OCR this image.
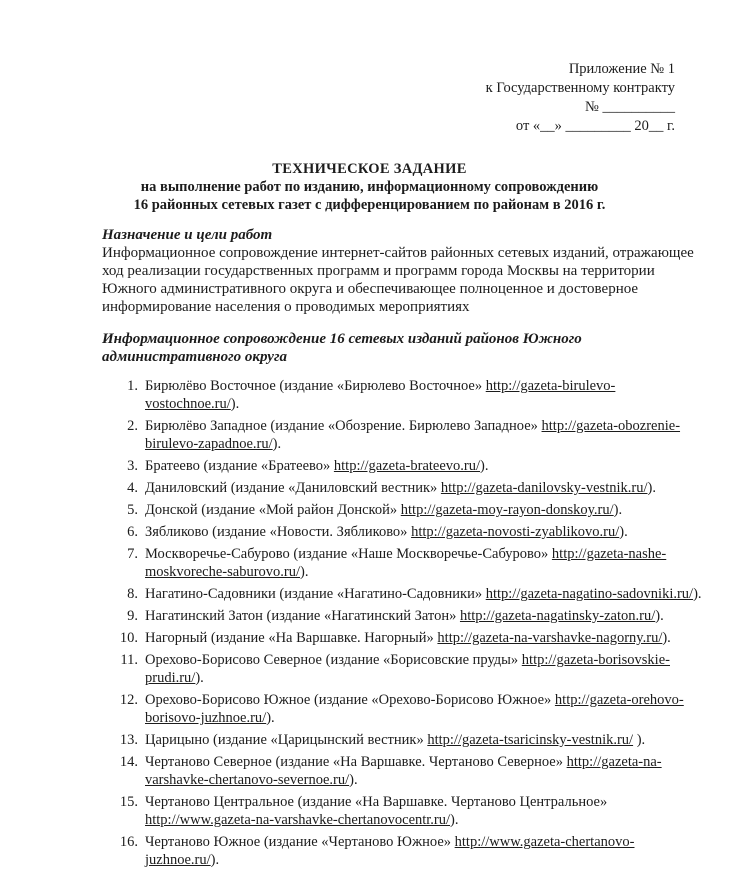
Приложение № 1
к Государственному контракту
№ __________
от «__» _________ 20__ г.
ТЕХНИЧЕСКОЕ ЗАДАНИЕ
на выполнение работ по изданию, информационному сопровождению
16 районных сетевых газет с дифференцированием по районам в 2016 г.
Назначение и цели работ
Информационное сопровождение интернет-сайтов районных сетевых изданий, отражающее ход реализации государственных программ и программ города Москвы на территории Южного административного округа и обеспечивающее полноценное и достоверное информирование населения о проводимых мероприятиях
Информационное сопровождение 16 сетевых изданий районов Южного
административного округа
1. Бирюлёво Восточное (издание «Бирюлево Восточное» http://gazeta-birulevo-vostochnoe.ru/).
2. Бирюлёво Западное (издание «Обозрение. Бирюлево Западное» http://gazeta-obozrenie-birulevo-zapadnoe.ru/).
3. Братеево (издание «Братеево» http://gazeta-brateevo.ru/).
4. Даниловский (издание «Даниловский вестник» http://gazeta-danilovsky-vestnik.ru/).
5. Донской (издание «Мой район Донской» http://gazeta-moy-rayon-donskoy.ru/).
6. Зябликово (издание «Новости. Зябликово» http://gazeta-novosti-zyablikovo.ru/).
7. Москворечье-Сабурово (издание «Наше Москворечье-Сабурово» http://gazeta-nashe-moskvoreche-saburovo.ru/).
8. Нагатино-Садовники (издание «Нагатино-Садовники» http://gazeta-nagatino-sadovniki.ru/).
9. Нагатинский Затон (издание «Нагатинский Затон» http://gazeta-nagatinsky-zaton.ru/).
10. Нагорный (издание «На Варшавке. Нагорный» http://gazeta-na-varshavke-nagorny.ru/).
11. Орехово-Борисово Северное (издание «Борисовские пруды» http://gazeta-borisovskie-prudi.ru/).
12. Орехово-Борисово Южное (издание «Орехово-Борисово Южное» http://gazeta-orehovo-borisovo-juzhnoe.ru/).
13. Царицыно (издание «Царицынский вестник» http://gazeta-tsaricinsky-vestnik.ru/ ).
14. Чертаново Северное (издание «На Варшавке. Чертаново Северное» http://gazeta-na-varshavke-chertanovo-severnoe.ru/).
15. Чертаново Центральное (издание «На Варшавке. Чертаново Центральное» http://www.gazeta-na-varshavke-chertanovocentr.ru/).
16. Чертаново Южное (издание «Чертаново Южное» http://www.gazeta-chertanovo-juzhnoe.ru/).
